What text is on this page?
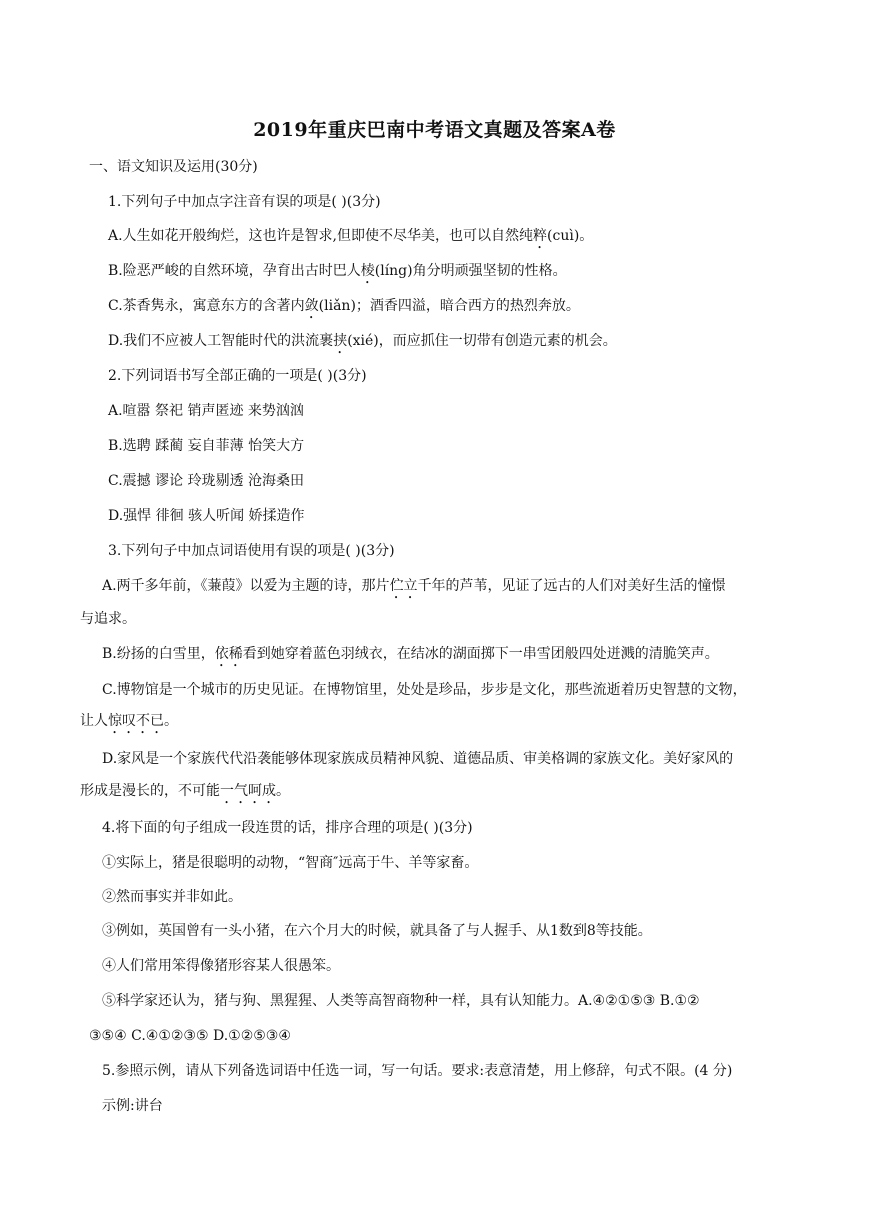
2019年重庆巴南中考语文真题及答案A卷
一、语文知识及运用(30分)
1.下列句子中加点字注音有误的项是( )(3分)
A.人生如花开般绚烂，这也许是智求,但即使不尽华美，也可以自然纯粹(cuì)。
B.险恶严峻的自然环境，孕育出古时巴人棱(líng)角分明顽强坚韧的性格。
C.茶香隽永，寓意东方的含著内敛(liǎn)；酒香四溢，暗合西方的热烈奔放。
D.我们不应被人工智能时代的洪流裹挟(xié)，而应抓住一切带有创造元素的机会。
2.下列词语书写全部正确的一项是( )(3分)
A.喧嚣 祭祀 销声匿迹 来势汹汹
B.选聘 蹂蔺 妄自菲薄 怡笑大方
C.震撼 谬论 玲珑剔透 沧海桑田
D.强悍 徘徊 骇人听闻 娇揉造作
3.下列句子中加点词语使用有误的项是( )(3分)
A.两千多年前，《蒹葭》以爱为主题的诗，那片伫立千年的芦苇，见证了远古的人们对美好生活的憧憬
与追求。
B.纷扬的白雪里，依稀看到她穿着蓝色羽绒衣，在结冰的湖面掷下一串雪团般四处迸溅的清脆笑声。
C.博物馆是一个城市的历史见证。在博物馆里，处处是珍品，步步是文化，那些流逝着历史智慧的文物，
让人惊叹不已。
D.家风是一个家族代代沿袭能够体现家族成员精神风貌、道德品质、审美格调的家族文化。美好家风的
形成是漫长的，不可能一气呵成。
4.将下面的句子组成一段连贯的话，排序合理的项是( )(3分)
①实际上，猪是很聪明的动物，“智商″远高于牛、羊等家畜。
②然而事实并非如此。
③例如，英国曾有一头小猪，在六个月大的时候，就具备了与人握手、从1数到8等技能。
④人们常用笨得像猪形容某人很愚笨。
⑤科学家还认为，猪与狗、黑猩猩、人类等高智商物种一样，具有认知能力。A.④②①⑤③ B.①②
③⑤④ C.④①②③⑤ D.①②⑤③④
5.参照示例，请从下列备选词语中任选一词，写一句话。要求:表意清楚，用上修辞，句式不限。(4 分)
示例:讲台
